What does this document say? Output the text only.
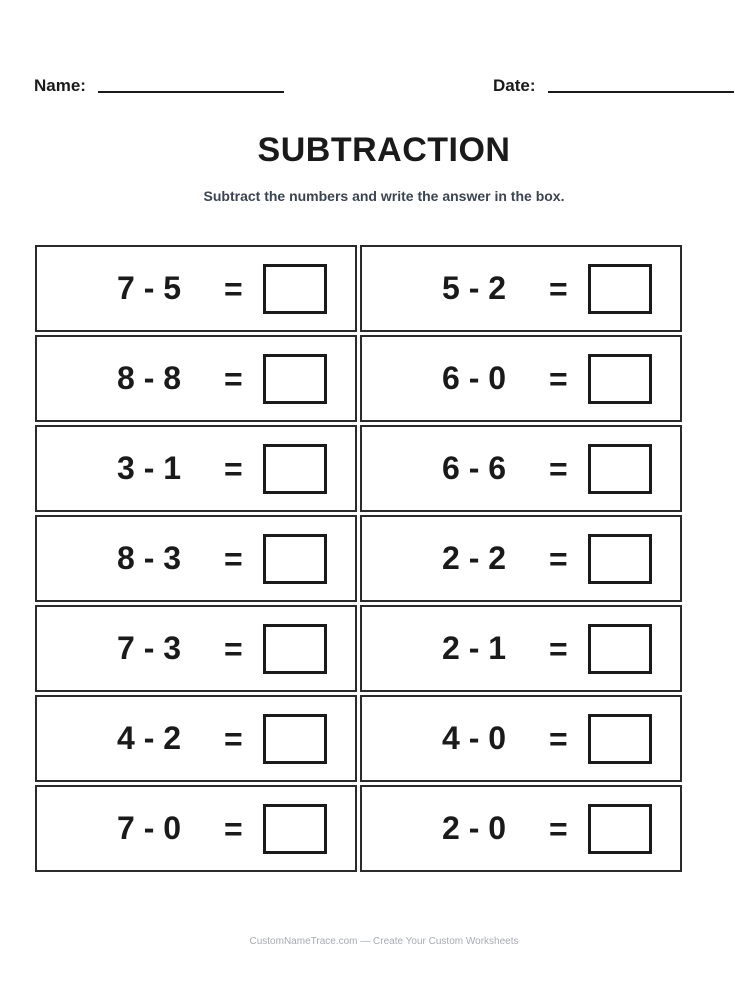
Name:	Date:
SUBTRACTION
Subtract the numbers and write the answer in the box.
7 - 5 =	5 - 2 =
8 - 8 =	6 - 0 =
3 - 1 =	6 - 6 =
8 - 3 =	2 - 2 =
7 - 3 =	2 - 1 =
4 - 2 =	4 - 0 =
7 - 0 =	2 - 0 =
CustomNameTrace.com — Create Your Custom Worksheets
